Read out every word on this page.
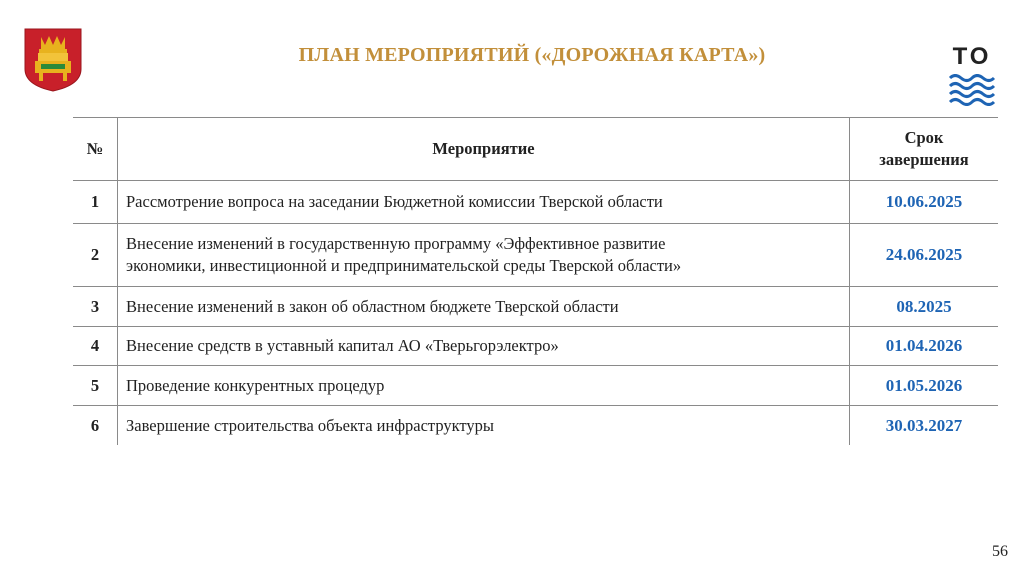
ПЛАН МЕРОПРИЯТИЙ («ДОРОЖНАЯ КАРТА»)	ТО
№	Мероприятие	Срок
завершения

1	Рассмотрение вопроса на заседании Бюджетной комиссии Тверской области	10.06.2025
2	Внесение изменений в государственную программу «Эффективное развитие
экономики, инвестиционной и предпринимательской среды Тверской области»	24.06.2025
3	Внесение изменений в закон об областном бюджете Тверской области	08.2025
4	Внесение средств в уставный капитал АО «Тверьгорэлектро»	01.04.2026
5	Проведение конкурентных процедур	01.05.2026
6	Завершение строительства объекта инфраструктуры	30.03.2027
56
